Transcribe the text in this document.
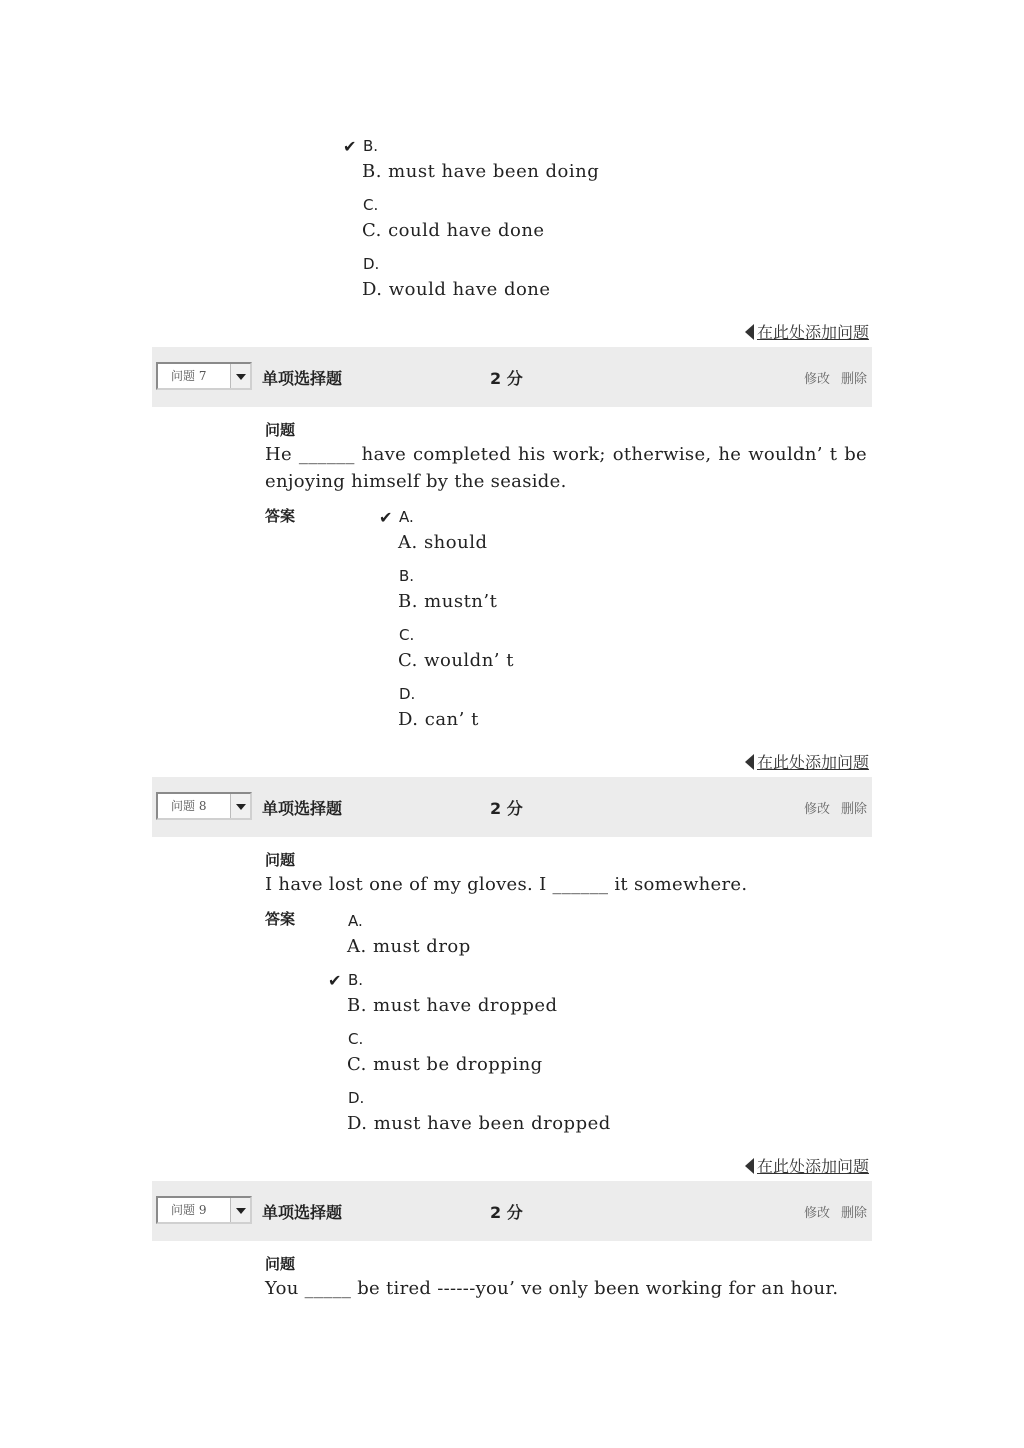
✔ B.
B. must have been doing
C.
C. could have done
D.
D. would have done
在此处添加问题
问题 7	单项选择题	2 分	修改 删除
问题
He ______ have completed his work; otherwise, he wouldn’ t be enjoying himself by the seaside.
答案	✔ A.
A. should
B.
B. mustn’t
C.
C. wouldn’ t
D.
D. can’ t
在此处添加问题
问题 8	单项选择题	2 分	修改 删除
问题
I have lost one of my gloves. I ______ it somewhere.
答案	A.
A. must drop
✔ B.
B. must have dropped
C.
C. must be dropping
D.
D. must have been dropped
在此处添加问题
问题 9	单项选择题	2 分	修改 删除
问题
You _____ be tired ------you’ ve only been working for an hour.
